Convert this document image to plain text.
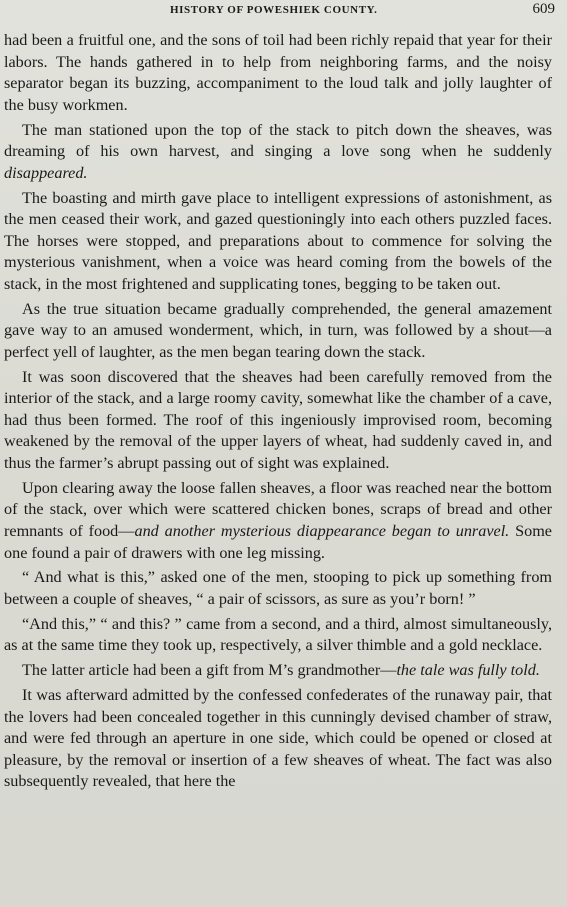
HISTORY OF POWESHIEK COUNTY.	609

had been a fruitful one, and the sons of toil had been richly repaid that year for their labors. The hands gathered in to help from neighboring farms, and the noisy separator began its buzzing, accompaniment to the loud talk and jolly laughter of the busy workmen.

The man stationed upon the top of the stack to pitch down the sheaves, was dreaming of his own harvest, and singing a love song when he suddenly disappeared.

The boasting and mirth gave place to intelligent expressions of astonishment, as the men ceased their work, and gazed questioningly into each others puzzled faces. The horses were stopped, and preparations about to commence for solving the mysterious vanishment, when a voice was heard coming from the bowels of the stack, in the most frightened and supplicating tones, begging to be taken out.

As the true situation became gradually comprehended, the general amazement gave way to an amused wonderment, which, in turn, was followed by a shout—a perfect yell of laughter, as the men began tearing down the stack.

It was soon discovered that the sheaves had been carefully removed from the interior of the stack, and a large roomy cavity, somewhat like the chamber of a cave, had thus been formed. The roof of this ingeniously improvised room, becoming weakened by the removal of the upper layers of wheat, had suddenly caved in, and thus the farmer’s abrupt passing out of sight was explained.

Upon clearing away the loose fallen sheaves, a floor was reached near the bottom of the stack, over which were scattered chicken bones, scraps of bread and other remnants of food—and another mysterious diappearance began to unravel. Some one found a pair of drawers with one leg missing.

“ And what is this,” asked one of the men, stooping to pick up something from between a couple of sheaves, “ a pair of scissors, as sure as you’r born! ”

“And this,” “ and this? ” came from a second, and a third, almost simultaneously, as at the same time they took up, respectively, a silver thimble and a gold necklace.

The latter article had been a gift from M’s grandmother—the tale was fully told.

It was afterward admitted by the confessed confederates of the runaway pair, that the lovers had been concealed together in this cunningly devised chamber of straw, and were fed through an aperture in one side, which could be opened or closed at pleasure, by the removal or insertion of a few sheaves of wheat. The fact was also subsequently revealed, that here the
